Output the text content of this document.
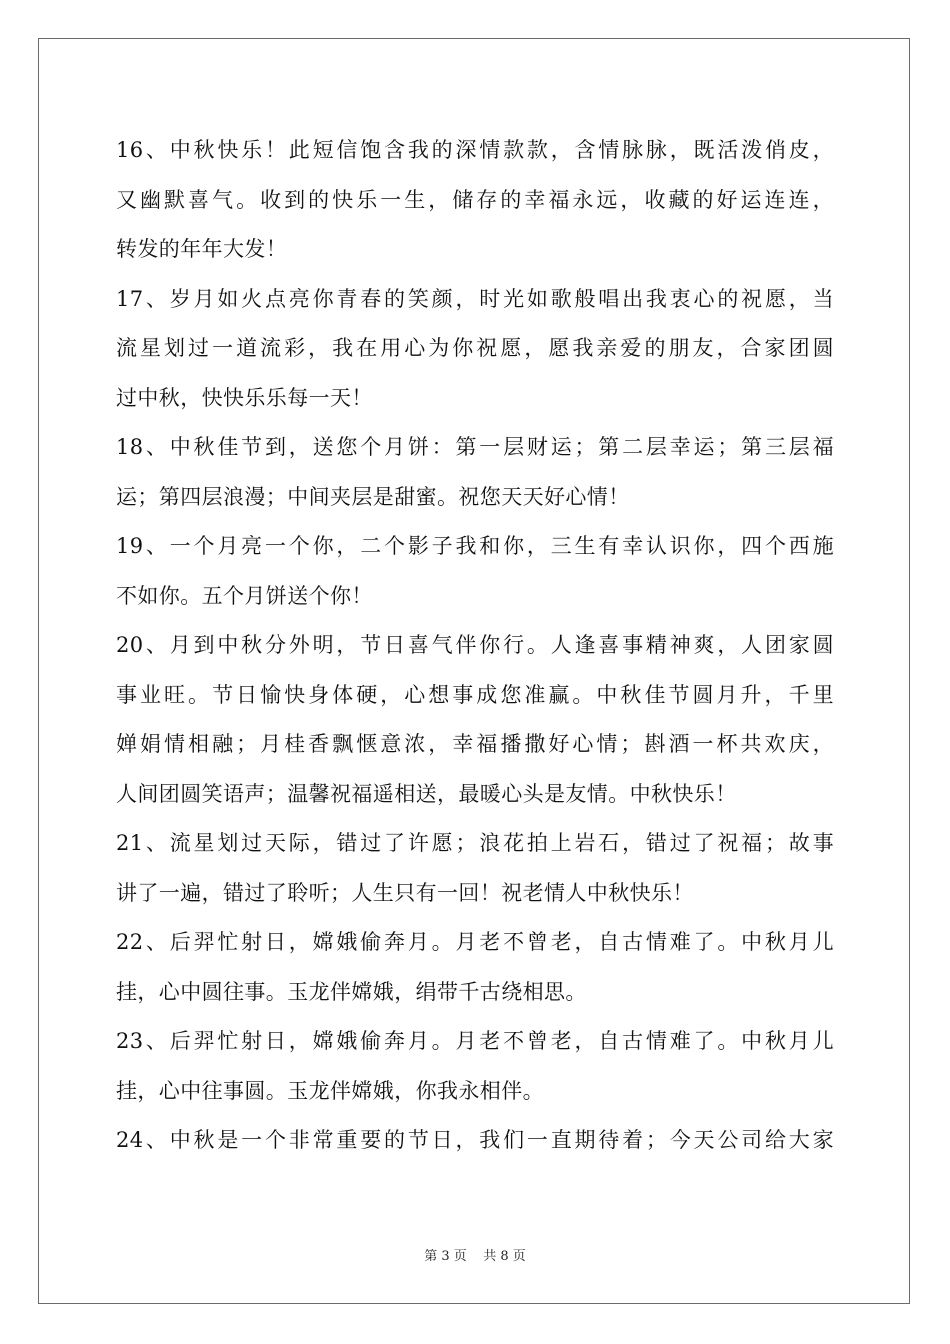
16、中秋快乐！此短信饱含我的深情款款，含情脉脉，既活泼俏皮，
又幽默喜气。收到的快乐一生，储存的幸福永远，收藏的好运连连，
转发的年年大发！
17、岁月如火点亮你青春的笑颜，时光如歌般唱出我衷心的祝愿，当
流星划过一道流彩，我在用心为你祝愿，愿我亲爱的朋友，合家团圆
过中秋，快快乐乐每一天！
18、中秋佳节到，送您个月饼：第一层财运；第二层幸运；第三层福
运；第四层浪漫；中间夹层是甜蜜。祝您天天好心情！
19、一个月亮一个你，二个影子我和你，三生有幸认识你，四个西施
不如你。五个月饼送个你！
20、月到中秋分外明，节日喜气伴你行。人逢喜事精神爽，人团家圆
事业旺。节日愉快身体硬，心想事成您准赢。中秋佳节圆月升，千里
婵娟情相融；月桂香飘惬意浓，幸福播撒好心情；斟酒一杯共欢庆，
人间团圆笑语声；温馨祝福遥相送，最暖心头是友情。中秋快乐！
21、流星划过天际，错过了许愿；浪花拍上岩石，错过了祝福；故事
讲了一遍，错过了聆听；人生只有一回！祝老情人中秋快乐！
22、后羿忙射日，嫦娥偷奔月。月老不曾老，自古情难了。中秋月儿
挂，心中圆往事。玉龙伴嫦娥，绢带千古绕相思。
23、后羿忙射日，嫦娥偷奔月。月老不曾老，自古情难了。中秋月儿
挂，心中往事圆。玉龙伴嫦娥，你我永相伴。
24、中秋是一个非常重要的节日，我们一直期待着；今天公司给大家
第 3 页    共 8 页
